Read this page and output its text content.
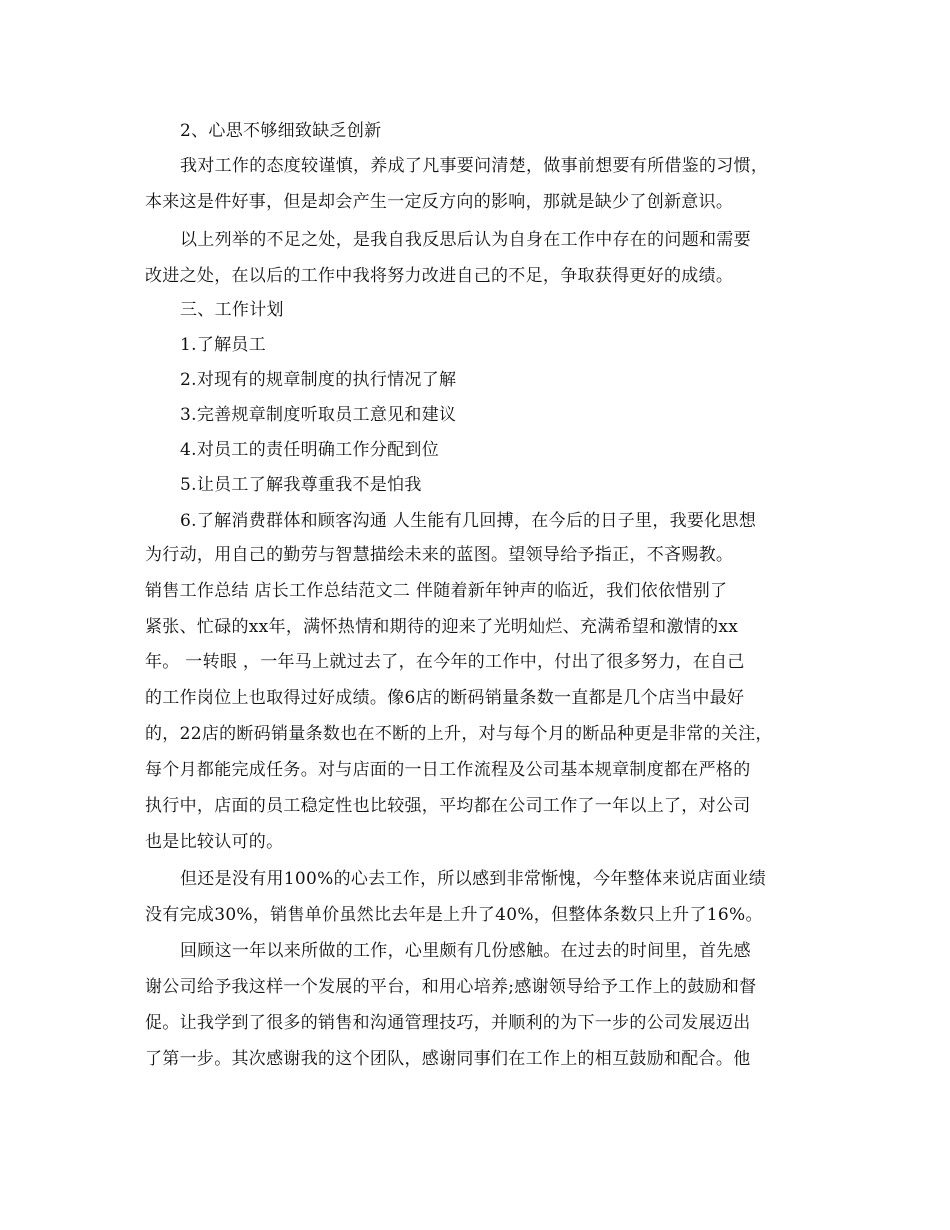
2、心思不够细致缺乏创新
我对工作的态度较谨慎，养成了凡事要问清楚，做事前想要有所借鉴的习惯，
本来这是件好事，但是却会产生一定反方向的影响，那就是缺少了创新意识。
以上列举的不足之处，是我自我反思后认为自身在工作中存在的问题和需要
改进之处，在以后的工作中我将努力改进自己的不足，争取获得更好的成绩。
三、工作计划
1.了解员工
2.对现有的规章制度的执行情况了解
3.完善规章制度听取员工意见和建议
4.对员工的责任明确工作分配到位
5.让员工了解我尊重我不是怕我
6.了解消费群体和顾客沟通 人生能有几回搏，在今后的日子里，我要化思想
为行动，用自己的勤劳与智慧描绘未来的蓝图。望领导给予指正，不吝赐教。
销售工作总结 店长工作总结范文二 伴随着新年钟声的临近，我们依依惜别了
紧张、忙碌的xx年，满怀热情和期待的迎来了光明灿烂、充满希望和激情的xx
年。 一转眼 ，一年马上就过去了，在今年的工作中，付出了很多努力，在自己
的工作岗位上也取得过好成绩。像6店的断码销量条数一直都是几个店当中最好
的，22店的断码销量条数也在不断的上升，对与每个月的断品种更是非常的关注，
每个月都能完成任务。对与店面的一日工作流程及公司基本规章制度都在严格的
执行中，店面的员工稳定性也比较强，平均都在公司工作了一年以上了，对公司
也是比较认可的。
但还是没有用100%的心去工作，所以感到非常惭愧，今年整体来说店面业绩
没有完成30%，销售单价虽然比去年是上升了40%，但整体条数只上升了16%。
回顾这一年以来所做的工作，心里颇有几份感触。在过去的时间里，首先感
谢公司给予我这样一个发展的平台，和用心培养;感谢领导给予工作上的鼓励和督
促。让我学到了很多的销售和沟通管理技巧，并顺利的为下一步的公司发展迈出
了第一步。其次感谢我的这个团队，感谢同事们在工作上的相互鼓励和配合。他
